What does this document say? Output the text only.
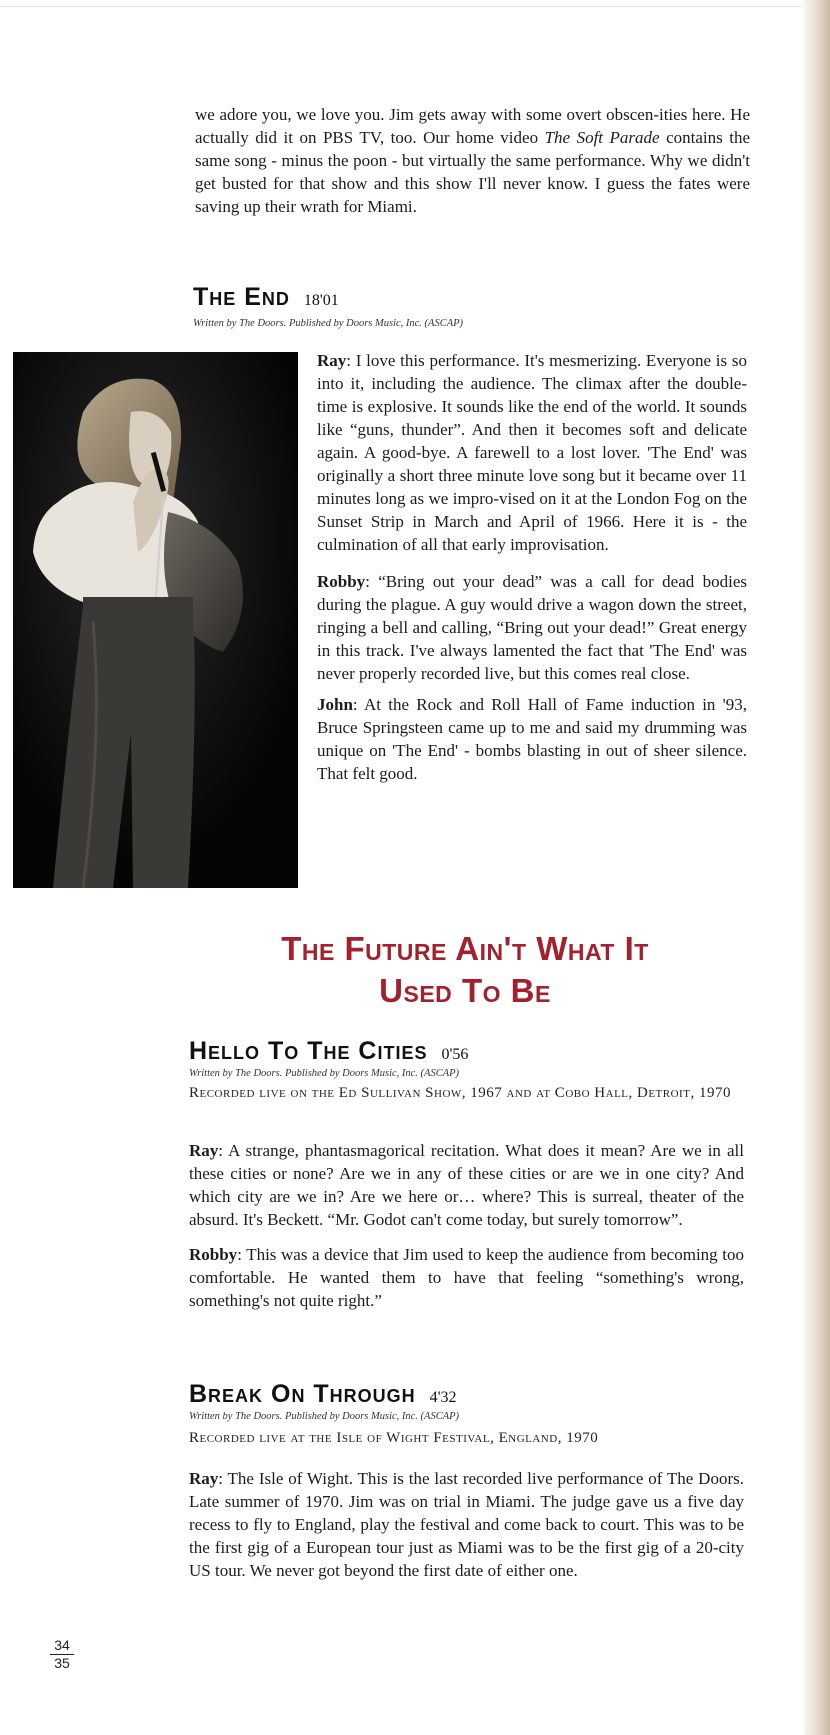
we adore you, we love you. Jim gets away with some overt obscen-ities here. He actually did it on PBS TV, too. Our home video The Soft Parade contains the same song - minus the poon - but virtually the same performance. Why we didn't get busted for that show and this show I'll never know. I guess the fates were saving up their wrath for Miami.

The End 18'01
Written by The Doors. Published by Doors Music, Inc. (ASCAP)

Ray: I love this performance. It's mesmerizing. Everyone is so into it, including the audience. The climax after the double-time is explosive. It sounds like the end of the world. It sounds like “guns, thunder”. And then it becomes soft and delicate again. A good-bye. A farewell to a lost lover. 'The End' was originally a short three minute love song but it became over 11 minutes long as we impro-vised on it at the London Fog on the Sunset Strip in March and April of 1966. Here it is - the culmination of all that early improvisation.

Robby: “Bring out your dead” was a call for dead bodies during the plague. A guy would drive a wagon down the street, ringing a bell and calling, “Bring out your dead!” Great energy in this track. I've always lamented the fact that 'The End' was never properly recorded live, but this comes real close.

John: At the Rock and Roll Hall of Fame induction in '93, Bruce Springsteen came up to me and said my drumming was unique on 'The End' - bombs blasting in out of sheer silence. That felt good.

The Future Ain't What It
Used To Be
Hello To The Cities 0'56
Written by The Doors. Published by Doors Music, Inc. (ASCAP)
Recorded live on the Ed Sullivan Show, 1967 and at Cobo Hall, Detroit, 1970

Ray: A strange, phantasmagorical recitation. What does it mean? Are we in all these cities or none? Are we in any of these cities or are we in one city? And which city are we in? Are we here or… where? This is surreal, theater of the absurd. It's Beckett. “Mr. Godot can't come today, but surely tomorrow”.

Robby: This was a device that Jim used to keep the audience from becoming too comfortable. He wanted them to have that feeling “something's wrong, something's not quite right.”

Break On Through 4'32
Written by The Doors. Published by Doors Music, Inc. (ASCAP)
Recorded live at the Isle of Wight Festival, England, 1970

Ray: The Isle of Wight. This is the last recorded live performance of The Doors. Late summer of 1970. Jim was on trial in Miami. The judge gave us a five day recess to fly to England, play the festival and come back to court. This was to be the first gig of a European tour just as Miami was to be the first gig of a 20-city US tour. We never got beyond the first date of either one.

34
35
